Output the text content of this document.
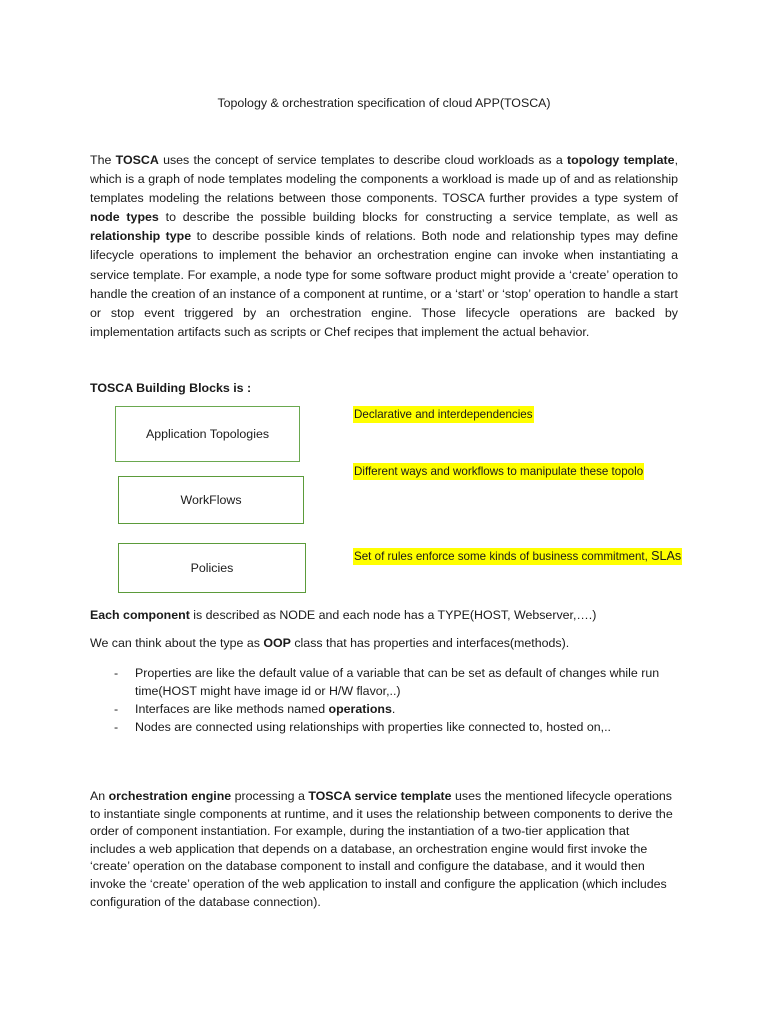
Topology & orchestration specification of cloud APP(TOSCA)
The TOSCA uses the concept of service templates to describe cloud workloads as a topology template, which is a graph of node templates modeling the components a workload is made up of and as relationship templates modeling the relations between those components. TOSCA further provides a type system of node types to describe the possible building blocks for constructing a service template, as well as relationship type to describe possible kinds of relations. Both node and relationship types may define lifecycle operations to implement the behavior an orchestration engine can invoke when instantiating a service template. For example, a node type for some software product might provide a ‘create’ operation to handle the creation of an instance of a component at runtime, or a ‘start’ or ‘stop’ operation to handle a start or stop event triggered by an orchestration engine. Those lifecycle operations are backed by implementation artifacts such as scripts or Chef recipes that implement the actual behavior.
TOSCA Building Blocks is :
Application Topologies
WorkFlows
Policies
Declarative and interdependencies
Different ways and workflows to manipulate these topolo
Set of rules enforce some kinds of business commitment, SLAs
Each component is described as NODE and each node has a TYPE(HOST, Webserver,….)
We can think about the type as OOP class that has properties and interfaces(methods).
- Properties are like the default value of a variable that can be set as default of changes while run time(HOST might have image id or H/W flavor,..)
- Interfaces are like methods named operations.
- Nodes are connected using relationships with properties like connected to, hosted on,..
An orchestration engine processing a TOSCA service template uses the mentioned lifecycle operations to instantiate single components at runtime, and it uses the relationship between components to derive the order of component instantiation. For example, during the instantiation of a two-tier application that includes a web application that depends on a database, an orchestration engine would first invoke the ‘create’ operation on the database component to install and configure the database, and it would then invoke the ‘create’ operation of the web application to install and configure the application (which includes configuration of the database connection).
